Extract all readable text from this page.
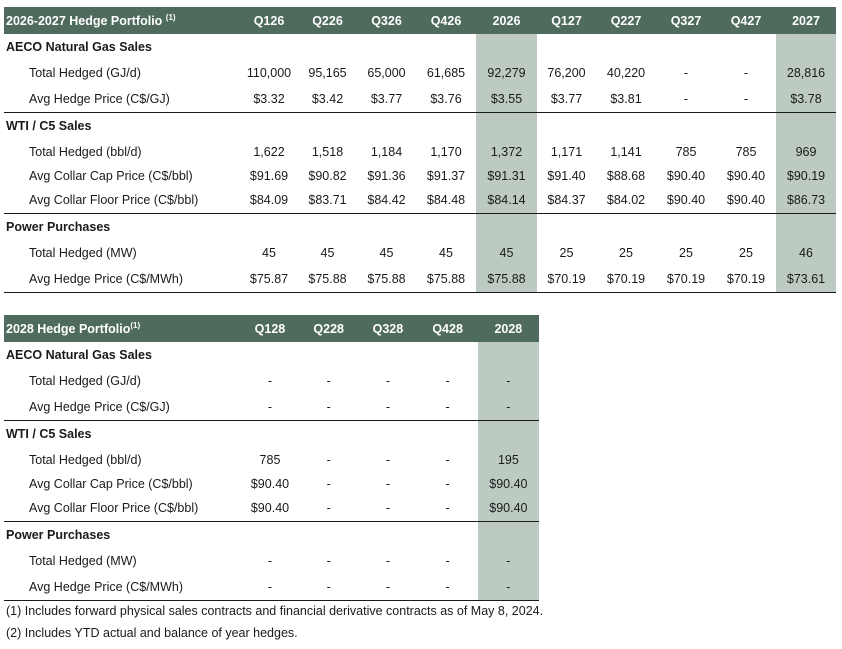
2026-2027 Hedge Portfolio $^{(1)}$	Q126	Q226	Q326	Q426	2026	Q127	Q227	Q327	Q427	2027
AECO Natural Gas Sales										
Total Hedged (GJ/d)	110,000	95,165	65,000	61,685	92,279	76,200	40,220	-	-	28,816
Avg Hedge Price (C$/GJ)	$3.32	$3.42	$3.77	$3.76	$3.55	$3.77	$3.81	-	-	$3.78
WTI / C5 Sales										
Total Hedged (bbl/d)	1,622	1,518	1,184	1,170	1,372	1,171	1,141	785	785	969
Avg Collar Cap Price (C$/bbl)	$91.69	$90.82	$91.36	$91.37	$91.31	$91.40	$88.68	$90.40	$90.40	$90.19
Avg Collar Floor Price (C$/bbl)	$84.09	$83.71	$84.42	$84.48	$84.14	$84.37	$84.02	$90.40	$90.40	$86.73
Power Purchases										
Total Hedged (MW)	45	45	45	45	45	25	25	25	25	46
Avg Hedge Price (C$/MWh)	$75.87	$75.88	$75.88	$75.88	$75.88	$70.19	$70.19	$70.19	$70.19	$73.61
2028 Hedge Portfolio$^{(1)}$	Q128	Q228	Q328	Q428	2028
AECO Natural Gas Sales					
Total Hedged (GJ/d)	-	-	-	-	-
Avg Hedge Price (C$/GJ)	-	-	-	-	-
WTI / C5 Sales					
Total Hedged (bbl/d)	785	-	-	-	195
Avg Collar Cap Price (C$/bbl)	$90.40	-	-	-	$90.40
Avg Collar Floor Price (C$/bbl)	$90.40	-	-	-	$90.40
Power Purchases					
Total Hedged (MW)	-	-	-	-	-
Avg Hedge Price (C$/MWh)	-	-	-	-	-
(1) Includes forward physical sales contracts and financial derivative contracts as of May 8, 2024.
(2) Includes YTD actual and balance of year hedges.
